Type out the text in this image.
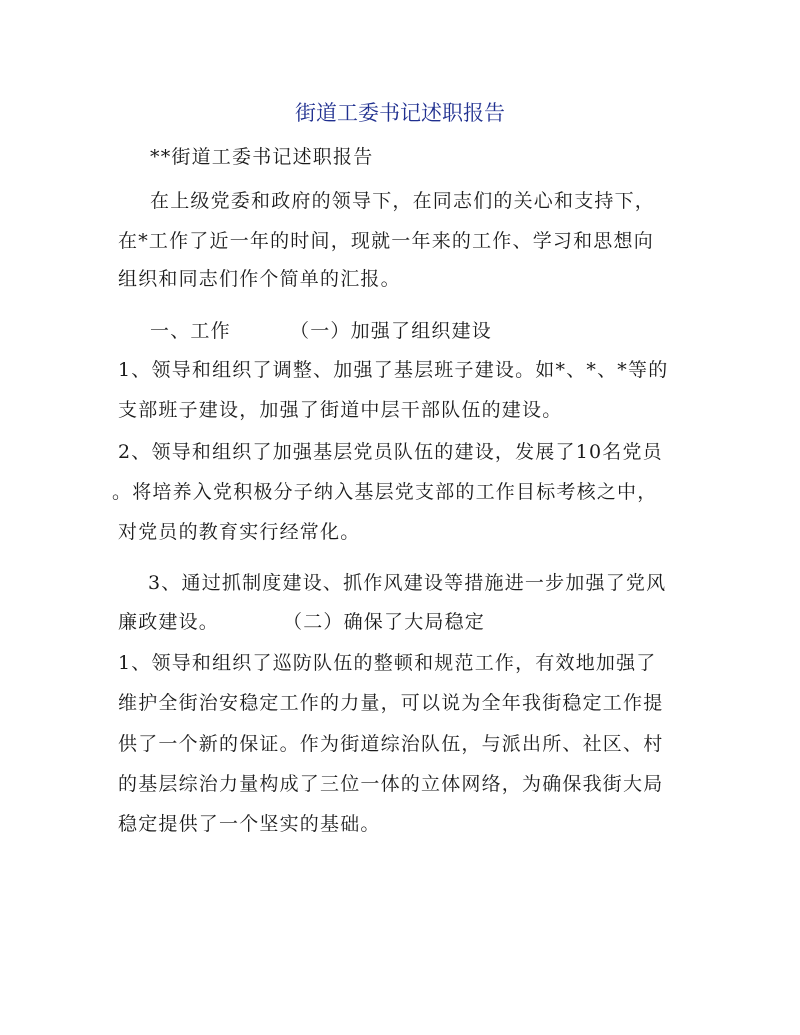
街道工委书记述职报告
**街道工委书记述职报告
在上级党委和政府的领导下，在同志们的关心和支持下，
在*工作了近一年的时间，现就一年来的工作、学习和思想向
组织和同志们作个简单的汇报。
一、工作	（一）加强了组织建设
1、领导和组织了调整、加强了基层班子建设。如*、*、*等的
支部班子建设，加强了街道中层干部队伍的建设。
2、领导和组织了加强基层党员队伍的建设，发展了10名党员
。将培养入党积极分子纳入基层党支部的工作目标考核之中，
对党员的教育实行经常化。
3、通过抓制度建设、抓作风建设等措施进一步加强了党风
廉政建设。	（二）确保了大局稳定
1、领导和组织了巡防队伍的整顿和规范工作，有效地加强了
维护全街治安稳定工作的力量，可以说为全年我街稳定工作提
供了一个新的保证。作为街道综治队伍，与派出所、社区、村
的基层综治力量构成了三位一体的立体网络，为确保我街大局
稳定提供了一个坚实的基础。
